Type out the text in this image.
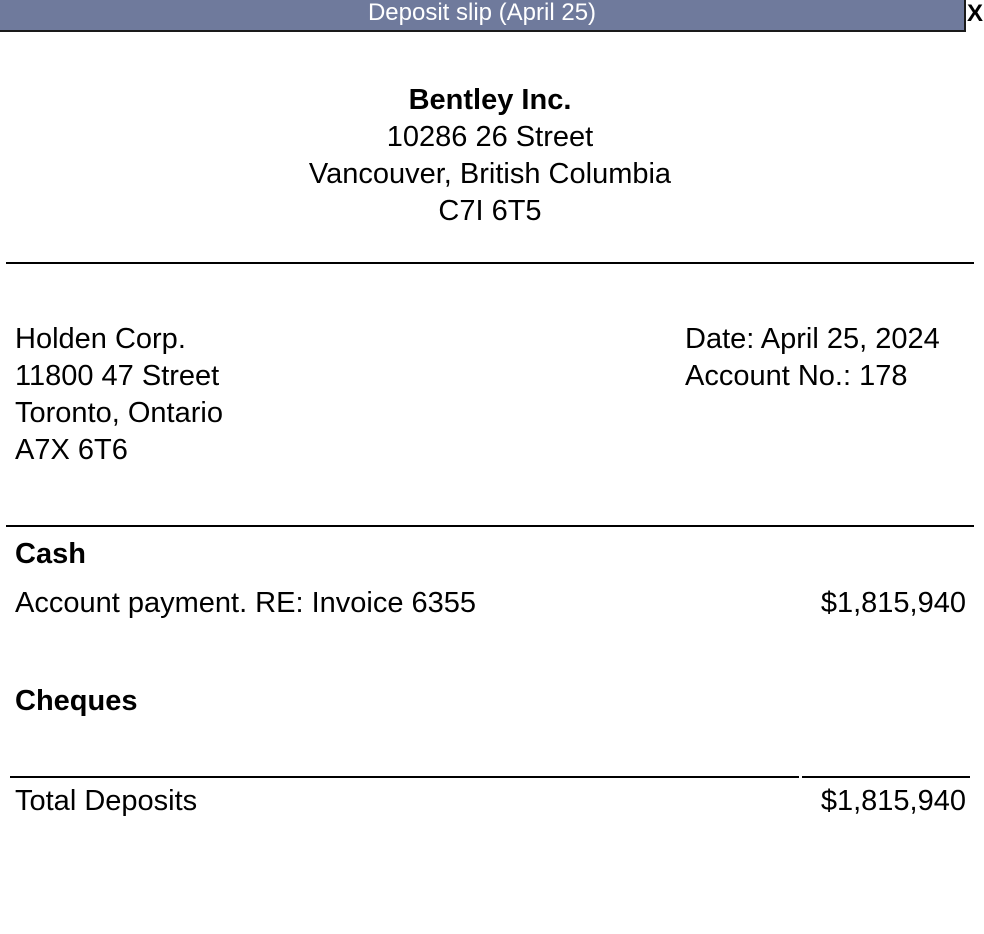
Deposit slip (April 25)	X
Bentley Inc.
10286 26 Street
Vancouver, British Columbia
C7I 6T5
Holden Corp.
11800 47 Street
Toronto, Ontario
A7X 6T6
Date: April 25, 2024
Account No.: 178
Cash
Account payment. RE: Invoice 6355	$1,815,940
Cheques
Total Deposits	$1,815,940
